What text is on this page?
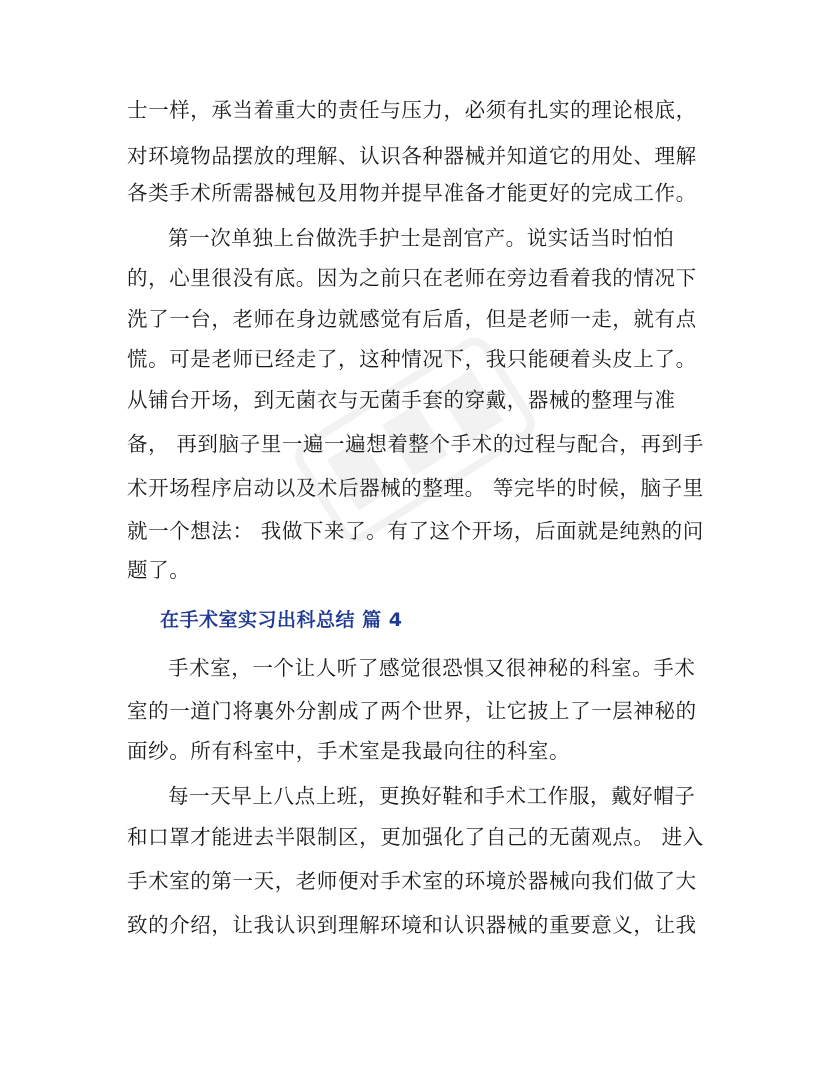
士一样，承当着重大的责任与压力，必须有扎实的理论根底，
对环境物品摆放的理解、认识各种器械并知道它的用处、理解
各类手术所需器械包及用物并提早准备才能更好的完成工作。
第一次单独上台做洗手护士是剖官产。说实话当时怕怕
的，心里很没有底。因为之前只在老师在旁边看着我的情况下
洗了一台，老师在身边就感觉有后盾，但是老师一走，就有点
慌。可是老师已经走了，这种情况下，我只能硬着头皮上了。
从铺台开场，到无菌衣与无菌手套的穿戴，器械的整理与准
备， 再到脑子里一遍一遍想着整个手术的过程与配合，再到手
术开场程序启动以及术后器械的整理。 等完毕的时候，脑子里
就一个想法： 我做下来了。有了这个开场，后面就是纯熟的问
题了。
在手术室实习出科总结 篇 4
手术室，一个让人听了感觉很恐惧又很神秘的科室。手术
室的一道门将裏外分割成了两个世界，让它披上了一层神秘的
面纱。所有科室中，手术室是我最向往的科室。
每一天早上八点上班，更换好鞋和手术工作服，戴好帽子
和口罩才能进去半限制区，更加强化了自己的无菌观点。 进入
手术室的第一天，老师便对手术室的环境於器械向我们做了大
致的介绍，让我认识到理解环境和认识器械的重要意义，让我
